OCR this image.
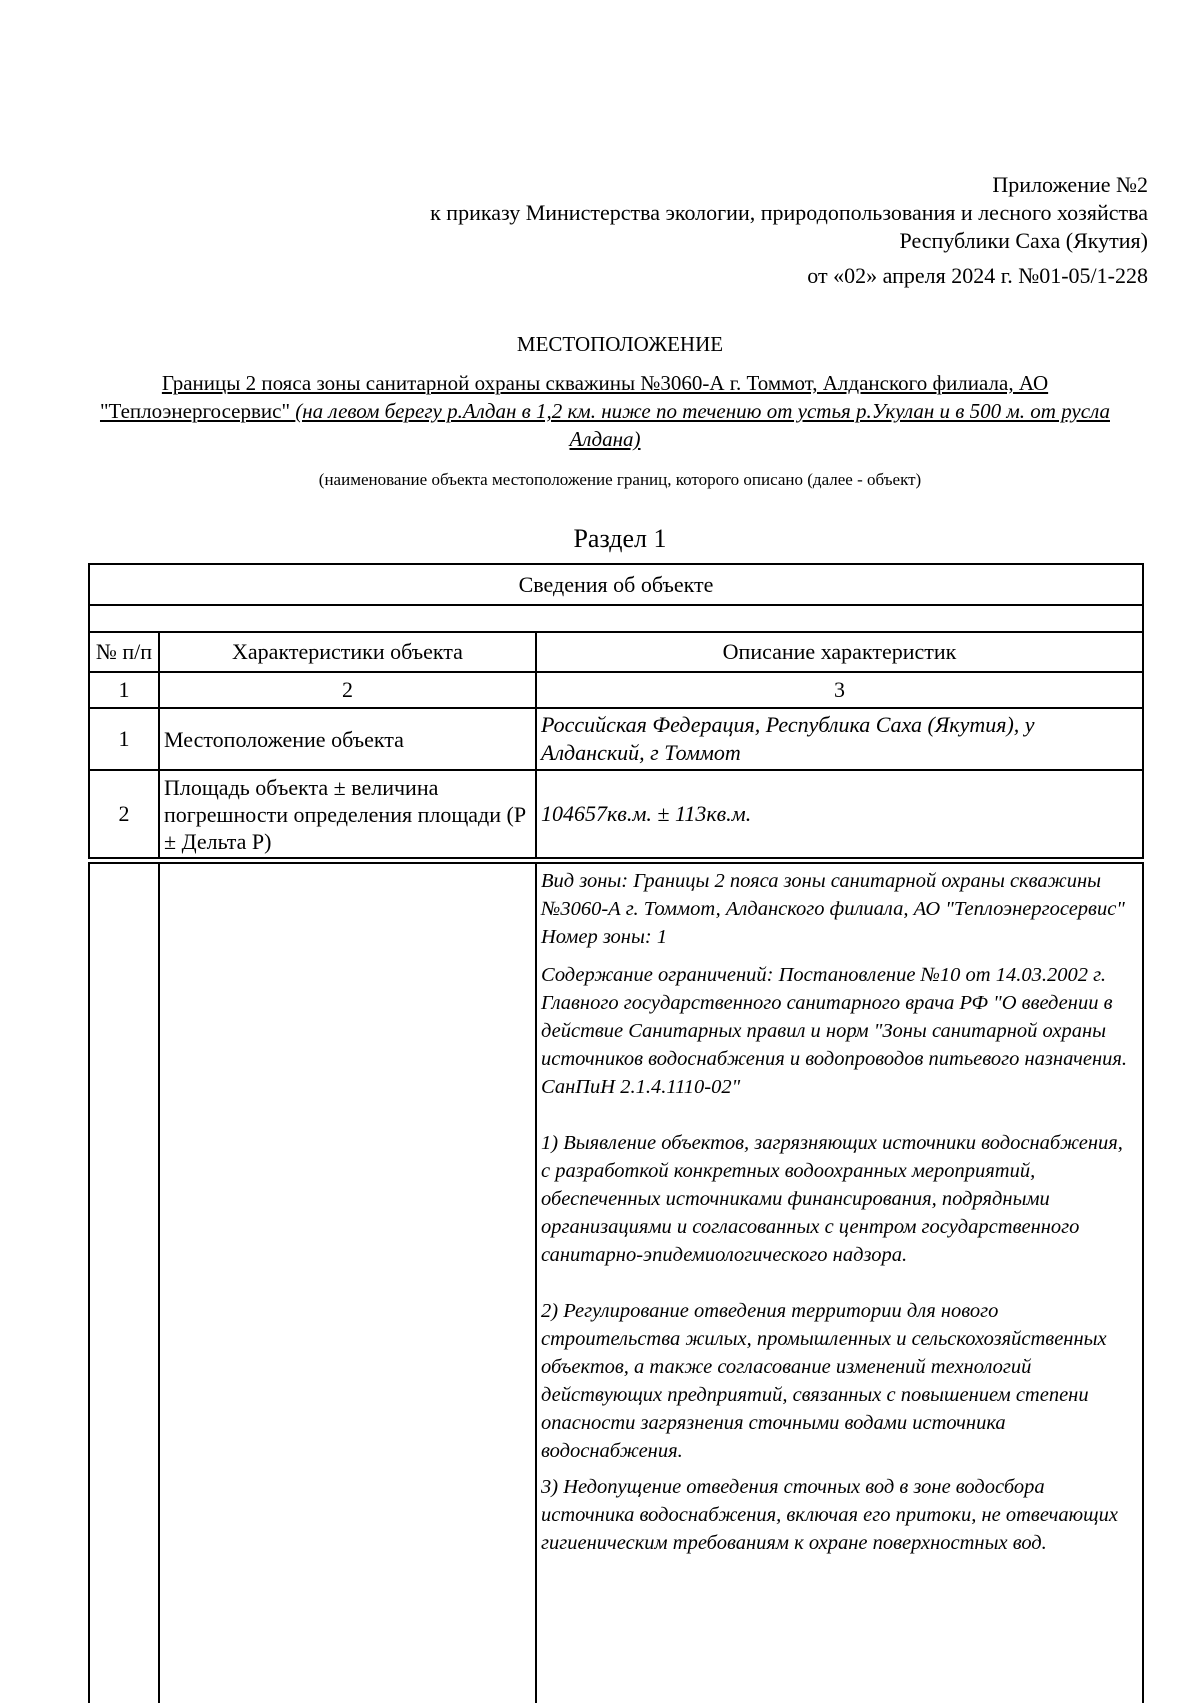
Приложение №2
к приказу Министерства экологии, природопользования и лесного хозяйства
Республики Саха (Якутия)
от «02» апреля 2024 г. №01-05/1-228
МЕСТОПОЛОЖЕНИЕ
Границы 2 пояса зоны санитарной охраны скважины №3060-А г. Томмот, Алданского филиала, АО "Теплоэнергосервис" (на левом берегу р.Алдан в 1,2 км. ниже по течению от устья р.Укулан и в 500 м. от русла Алдана)
(наименование объекта местоположение границ, которого описано (далее - объект)
Раздел 1
Сведения об объекте		

№ п/п	Характеристики объекта	Описание характеристик
1	2	3
1	Местоположение объекта	Российская Федерация, Республика Саха (Якутия), у Алданский, г Томмот
2	Площадь объекта ± величина погрешности определения площади (Р ± Дельта Р)	104657кв.м. ± 113кв.м.

Вид зоны: Границы 2 пояса зоны санитарной охраны скважины №3060-А г. Томмот, Алданского филиала, АО "Теплоэнергосервис"

Номер зоны: 1

Содержание ограничений: Постановление №10 от 14.03.2002 г. Главного государственного санитарного врача РФ "О введении в действие Санитарных правил и норм "Зоны санитарной охраны источников водоснабжения и водопроводов питьевого назначения. СанПиН 2.1.4.1110-02"

1) Выявление объектов, загрязняющих источники водоснабжения, с разработкой конкретных водоохранных мероприятий, обеспеченных источниками финансирования, подрядными организациями и согласованных с центром государственного санитарно-эпидемиологического надзора.

2) Регулирование отведения территории для нового строительства жилых, промышленных и сельскохозяйственных объектов, а также согласование изменений технологий действующих предприятий, связанных с повышением степени опасности загрязнения сточными водами источника водоснабжения.

3) Недопущение отведения сточных вод в зоне водосбора источника водоснабжения, включая его притоки, не отвечающих гигиеническим требованиям к охране поверхностных вод.
